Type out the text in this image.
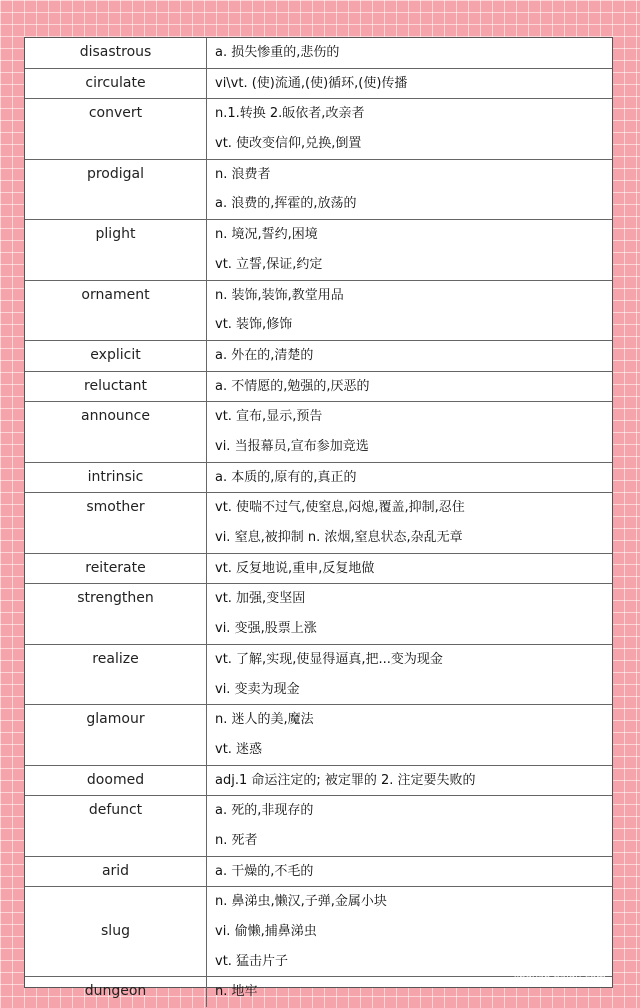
disastrous	a. 损失惨重的,悲伤的

circulate	vi\vt. (使)流通,(使)循环,(使)传播

convert	n.1.转换 2.皈依者,改亲者
vt. 使改变信仰,兑换,倒置

prodigal	n. 浪费者
a. 浪费的,挥霍的,放荡的

plight	n. 境况,誓约,困境
vt. 立誓,保证,约定

ornament	n. 装饰,装饰,教堂用品
vt. 装饰,修饰

explicit	a. 外在的,清楚的

reluctant	a. 不情愿的,勉强的,厌恶的

announce	vt. 宣布,显示,预告
vi. 当报幕员,宣布参加竞选

intrinsic	a. 本质的,原有的,真正的

smother	vt. 使喘不过气,使窒息,闷熄,覆盖,抑制,忍住
vi. 窒息,被抑制 n. 浓烟,窒息状态,杂乱无章

reiterate	vt. 反复地说,重申,反复地做

strengthen	vt. 加强,变坚固
vi. 变强,股票上涨

realize	vt. 了解,实现,使显得逼真,把...变为现金
vi. 变卖为现金

glamour	n. 迷人的美,魔法
vt. 迷惑

doomed	adj.1 命运注定的; 被定罪的 2. 注定要失败的

defunct	a. 死的,非现存的
n. 死者

arid	a. 干燥的,不毛的

slug	n. 鼻涕虫,懒汉,子弹,金属小块
vi. 偷懒,捕鼻涕虫
vt. 猛击片子

dungeon	n. 地牢
Baidu 经验
jingyan.baidu.com
